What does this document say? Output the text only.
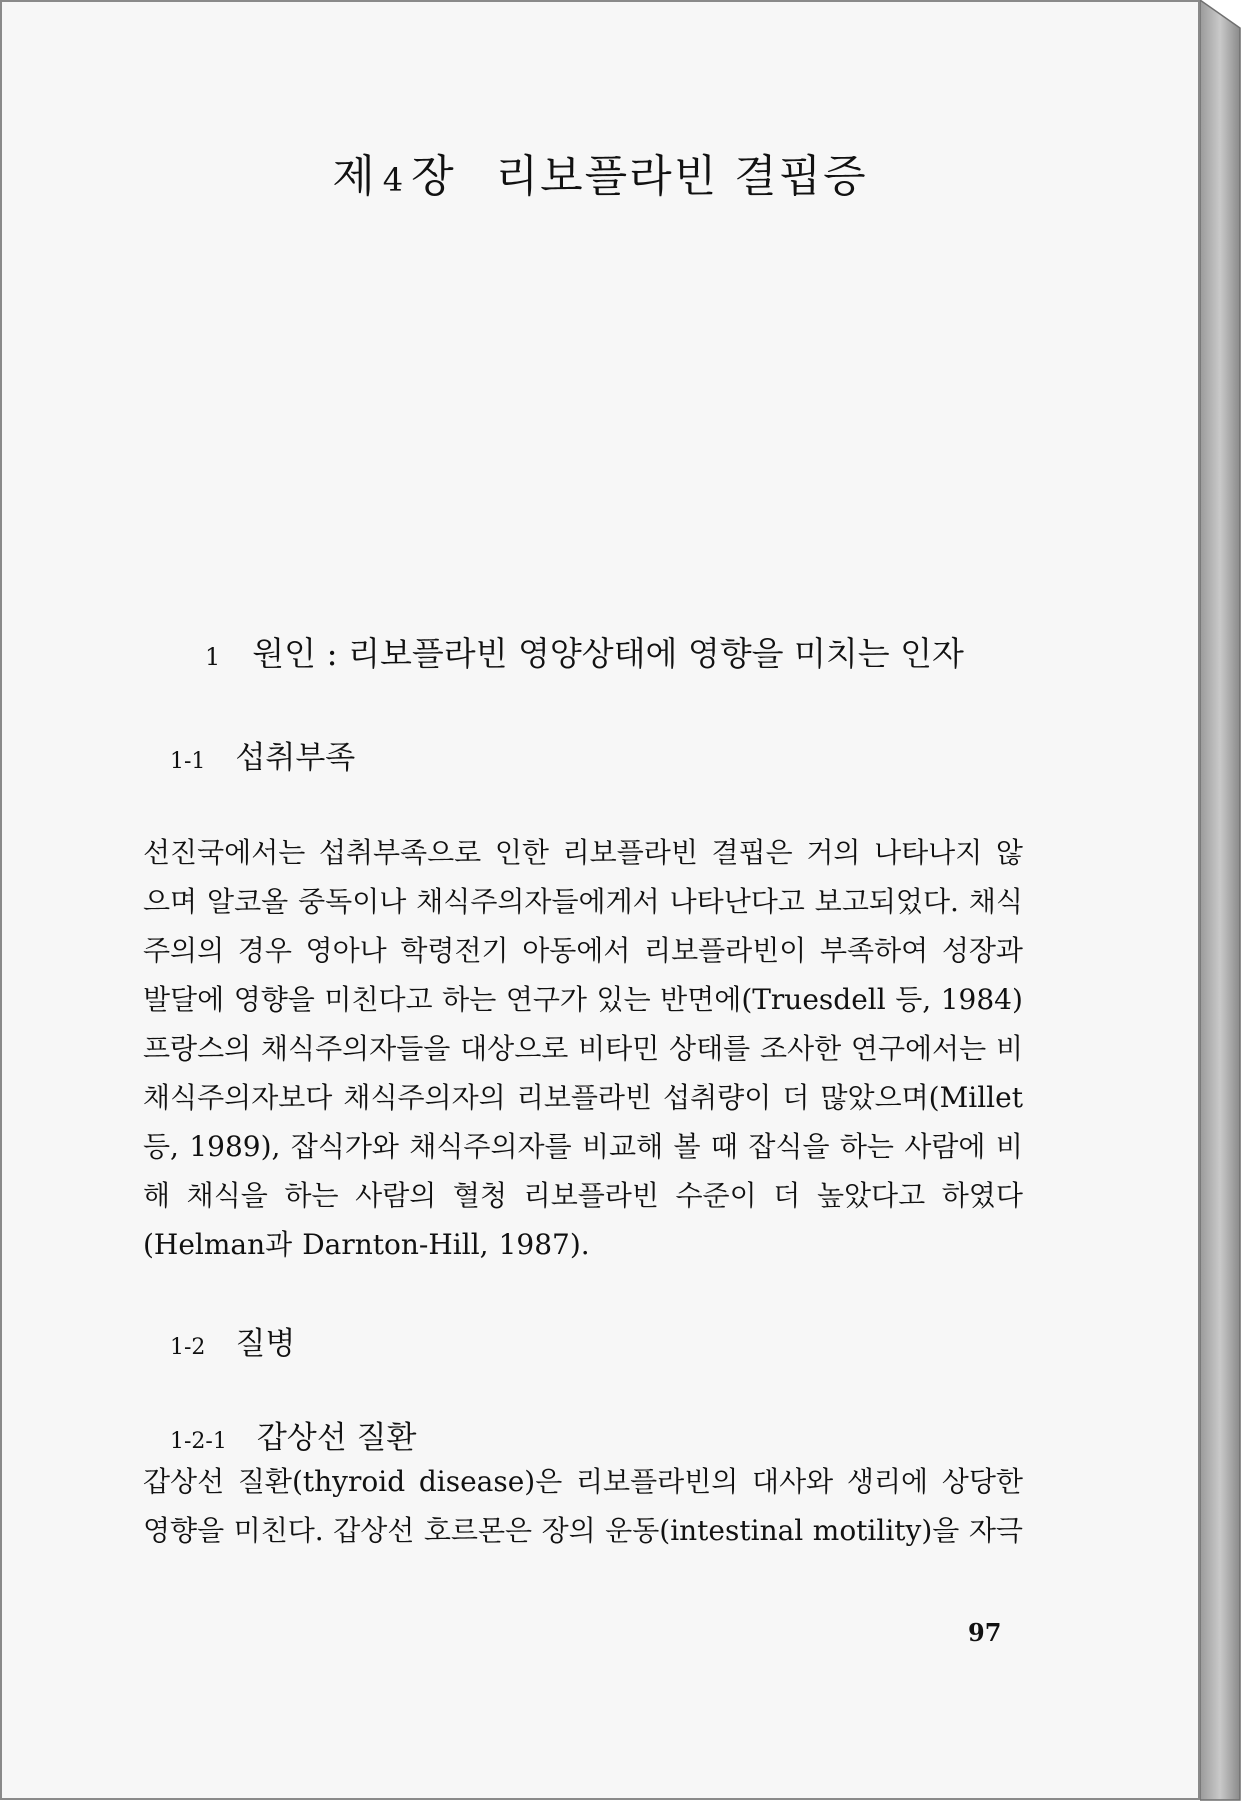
제 4 장 리보플라빈 결핍증
1 원인 : 리보플라빈 영양상태에 영향을 미치는 인자
1-1 섭취부족
선진국에서는 섭취부족으로 인한 리보플라빈 결핍은 거의 나타나지 않
으며 알코올 중독이나 채식주의자들에게서 나타난다고 보고되었다. 채식
주의의 경우 영아나 학령전기 아동에서 리보플라빈이 부족하여 성장과
발달에 영향을 미친다고 하는 연구가 있는 반면에(Truesdell 등, 1984)
프랑스의 채식주의자들을 대상으로 비타민 상태를 조사한 연구에서는 비
채식주의자보다 채식주의자의 리보플라빈 섭취량이 더 많았으며(Millet
등, 1989), 잡식가와 채식주의자를 비교해 볼 때 잡식을 하는 사람에 비
해 채식을 하는 사람의 혈청 리보플라빈 수준이 더 높았다고 하였다
(Helman과 Darnton-Hill, 1987).
1-2 질병
1-2-1 갑상선 질환
갑상선 질환(thyroid disease)은 리보플라빈의 대사와 생리에 상당한
영향을 미친다. 갑상선 호르몬은 장의 운동(intestinal motility)을 자극
97
